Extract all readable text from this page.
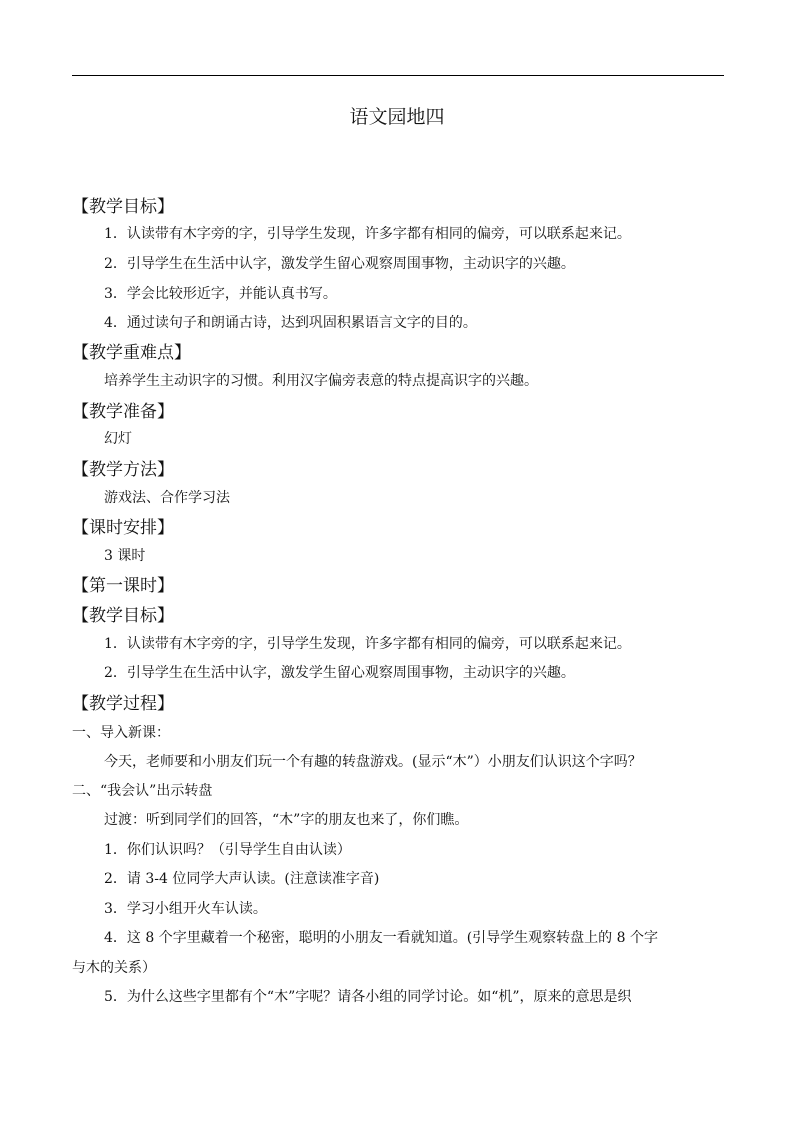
语文园地四
【教学目标】
1．认读带有木字旁的字，引导学生发现，许多字都有相同的偏旁，可以联系起来记。
2．引导学生在生活中认字，激发学生留心观察周围事物，主动识字的兴趣。
3．学会比较形近字，并能认真书写。
4．通过读句子和朗诵古诗，达到巩固积累语言文字的目的。
【教学重难点】
培养学生主动识字的习惯。利用汉字偏旁表意的特点提高识字的兴趣。
【教学准备】
幻灯
【教学方法】
游戏法、合作学习法
【课时安排】
3 课时
【第一课时】
【教学目标】
1．认读带有木字旁的字，引导学生发现，许多字都有相同的偏旁，可以联系起来记。
2．引导学生在生活中认字，激发学生留心观察周围事物，主动识字的兴趣。
【教学过程】
一、导入新课：
今天，老师要和小朋友们玩一个有趣的转盘游戏。(显示“木”）小朋友们认识这个字吗？
二、“我会认”出示转盘
过渡：听到同学们的回答，“木”字的朋友也来了，你们瞧。
1．你们认识吗？（引导学生自由认读）
2．请 3-4 位同学大声认读。(注意读准字音)
3．学习小组开火车认读。
4．这 8 个字里藏着一个秘密，聪明的小朋友一看就知道。(引导学生观察转盘上的 8 个字
与木的关系）
5．为什么这些字里都有个“木”字呢？请各小组的同学讨论。如“机”，原来的意思是织
